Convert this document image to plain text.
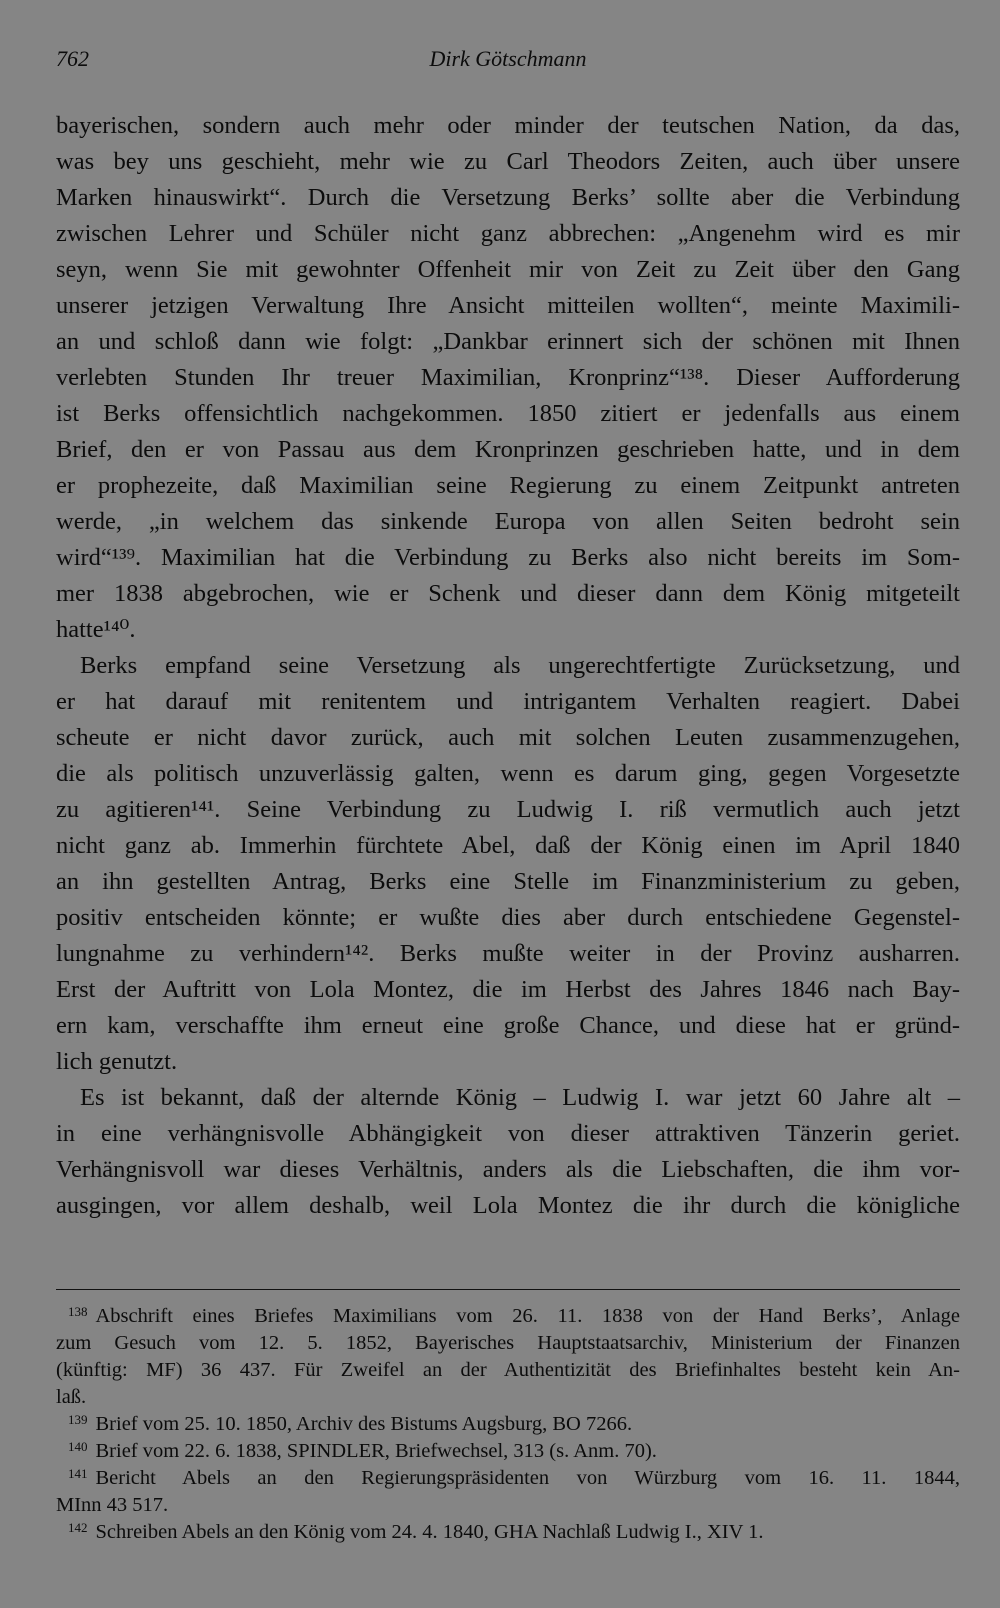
762	Dirk Götschmann
bayerischen, sondern auch mehr oder minder der teutschen Nation, da das,
was bey uns geschieht, mehr wie zu Carl Theodors Zeiten, auch über unsere
Marken hinauswirkt“. Durch die Versetzung Berks’ sollte aber die Verbindung
zwischen Lehrer und Schüler nicht ganz abbrechen: „Angenehm wird es mir
seyn, wenn Sie mit gewohnter Offenheit mir von Zeit zu Zeit über den Gang
unserer jetzigen Verwaltung Ihre Ansicht mitteilen wollten“, meinte Maximili-
an und schloß dann wie folgt: „Dankbar erinnert sich der schönen mit Ihnen
verlebten Stunden Ihr treuer Maximilian, Kronprinz“¹³⁸. Dieser Aufforderung
ist Berks offensichtlich nachgekommen. 1850 zitiert er jedenfalls aus einem
Brief, den er von Passau aus dem Kronprinzen geschrieben hatte, und in dem
er prophezeite, daß Maximilian seine Regierung zu einem Zeitpunkt antreten
werde, „in welchem das sinkende Europa von allen Seiten bedroht sein
wird“¹³⁹. Maximilian hat die Verbindung zu Berks also nicht bereits im Som-
mer 1838 abgebrochen, wie er Schenk und dieser dann dem König mitgeteilt
hatte¹⁴⁰.
Berks empfand seine Versetzung als ungerechtfertigte Zurücksetzung, und
er hat darauf mit renitentem und intrigantem Verhalten reagiert. Dabei
scheute er nicht davor zurück, auch mit solchen Leuten zusammenzugehen,
die als politisch unzuverlässig galten, wenn es darum ging, gegen Vorgesetzte
zu agitieren¹⁴¹. Seine Verbindung zu Ludwig I. riß vermutlich auch jetzt
nicht ganz ab. Immerhin fürchtete Abel, daß der König einen im April 1840
an ihn gestellten Antrag, Berks eine Stelle im Finanzministerium zu geben,
positiv entscheiden könnte; er wußte dies aber durch entschiedene Gegenstel-
lungnahme zu verhindern¹⁴². Berks mußte weiter in der Provinz ausharren.
Erst der Auftritt von Lola Montez, die im Herbst des Jahres 1846 nach Bay-
ern kam, verschaffte ihm erneut eine große Chance, und diese hat er gründ-
lich genutzt.
Es ist bekannt, daß der alternde König – Ludwig I. war jetzt 60 Jahre alt –
in eine verhängnisvolle Abhängigkeit von dieser attraktiven Tänzerin geriet.
Verhängnisvoll war dieses Verhältnis, anders als die Liebschaften, die ihm vor-
ausgingen, vor allem deshalb, weil Lola Montez die ihr durch die königliche
$^{138}$ Abschrift eines Briefes Maximilians vom 26. 11. 1838 von der Hand Berks’, Anlage
zum Gesuch vom 12. 5. 1852, Bayerisches Hauptstaatsarchiv, Ministerium der Finanzen
(künftig: MF) 36 437. Für Zweifel an der Authentizität des Briefinhaltes besteht kein An-
laß.
$^{139}$ Brief vom 25. 10. 1850, Archiv des Bistums Augsburg, BO 7266.
$^{140}$ Brief vom 22. 6. 1838, SPINDLER, Briefwechsel, 313 (s. Anm. 70).
$^{141}$ Bericht Abels an den Regierungspräsidenten von Würzburg vom 16. 11. 1844,
MInn 43 517.
$^{142}$ Schreiben Abels an den König vom 24. 4. 1840, GHA Nachlaß Ludwig I., XIV 1.
